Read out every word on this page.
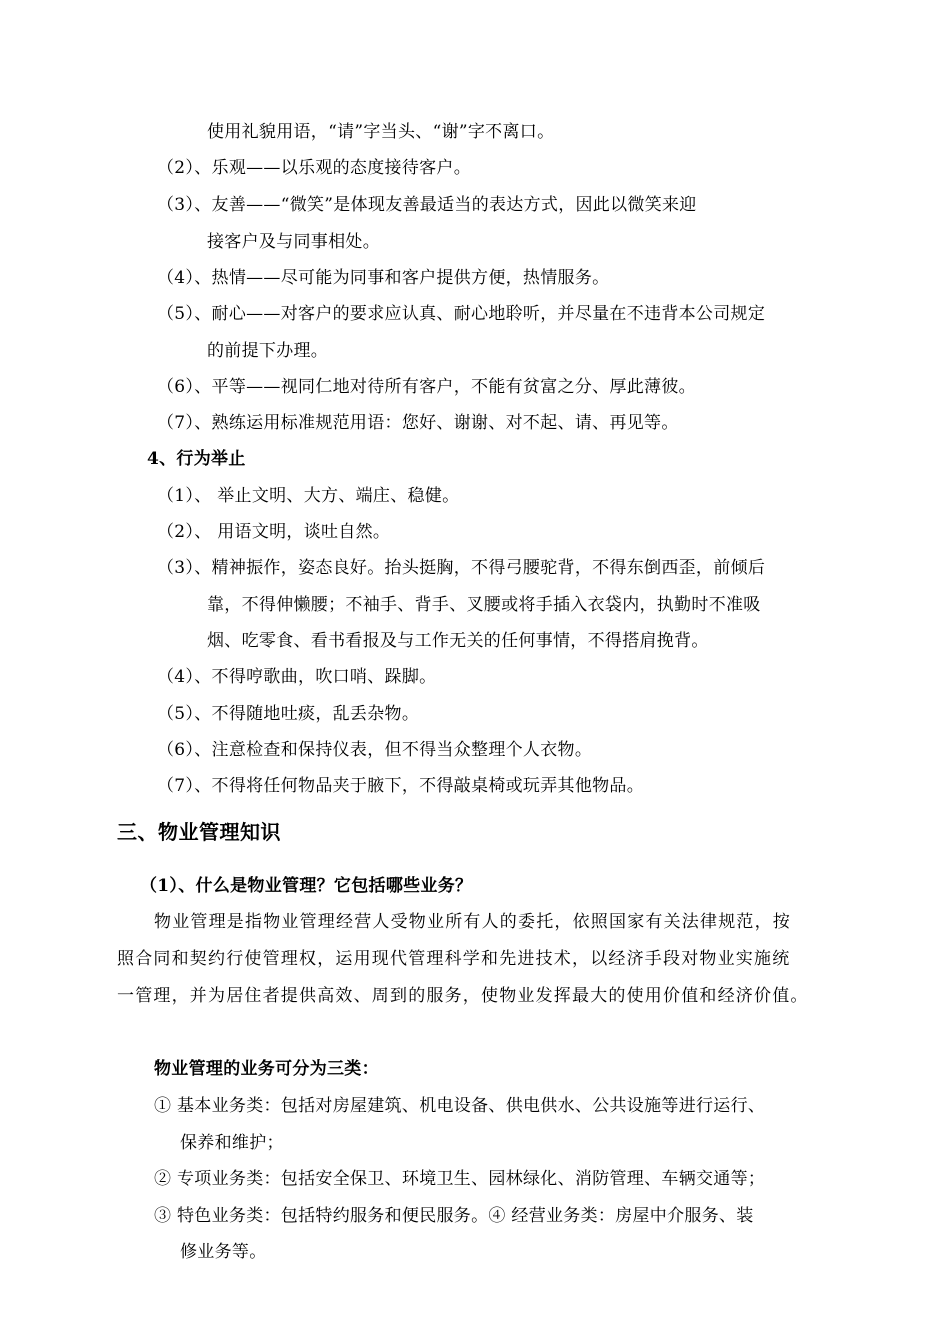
使用礼貌用语，“请”字当头、“谢”字不离口。
（2）、乐观——以乐观的态度接待客户。
（3）、友善——“微笑”是体现友善最适当的表达方式，因此以微笑来迎
接客户及与同事相处。
（4）、热情——尽可能为同事和客户提供方便，热情服务。
（5）、耐心——对客户的要求应认真、耐心地聆听，并尽量在不违背本公司规定
的前提下办理。
（6）、平等——视同仁地对待所有客户，不能有贫富之分、厚此薄彼。
（7）、熟练运用标准规范用语：您好、谢谢、对不起、请、再见等。
4、行为举止
（1）、 举止文明、大方、端庄、稳健。
（2）、 用语文明，谈吐自然。
（3）、精神振作，姿态良好。抬头挺胸，不得弓腰驼背，不得东倒西歪，前倾后
靠，不得伸懒腰；不袖手、背手、叉腰或将手插入衣袋内，执勤时不准吸
烟、吃零食、看书看报及与工作无关的任何事情，不得搭肩挽背。
（4）、不得哼歌曲，吹口哨、跺脚。
（5）、不得随地吐痰，乱丢杂物。
（6）、注意检查和保持仪表，但不得当众整理个人衣物。
（7）、不得将任何物品夹于腋下，不得敲桌椅或玩弄其他物品。
三、物业管理知识
（1）、什么是物业管理？它包括哪些业务？
物业管理是指物业管理经营人受物业所有人的委托，依照国家有关法律规范，按
照合同和契约行使管理权，运用现代管理科学和先进技术，以经济手段对物业实施统
一管理，并为居住者提供高效、周到的服务，使物业发挥最大的使用价值和经济价值。
物业管理的业务可分为三类：
① 基本业务类：包括对房屋建筑、机电设备、供电供水、公共设施等进行运行、
保养和维护；
② 专项业务类：包括安全保卫、环境卫生、园林绿化、消防管理、车辆交通等；
③ 特色业务类：包括特约服务和便民服务。④ 经营业务类：房屋中介服务、装
修业务等。
